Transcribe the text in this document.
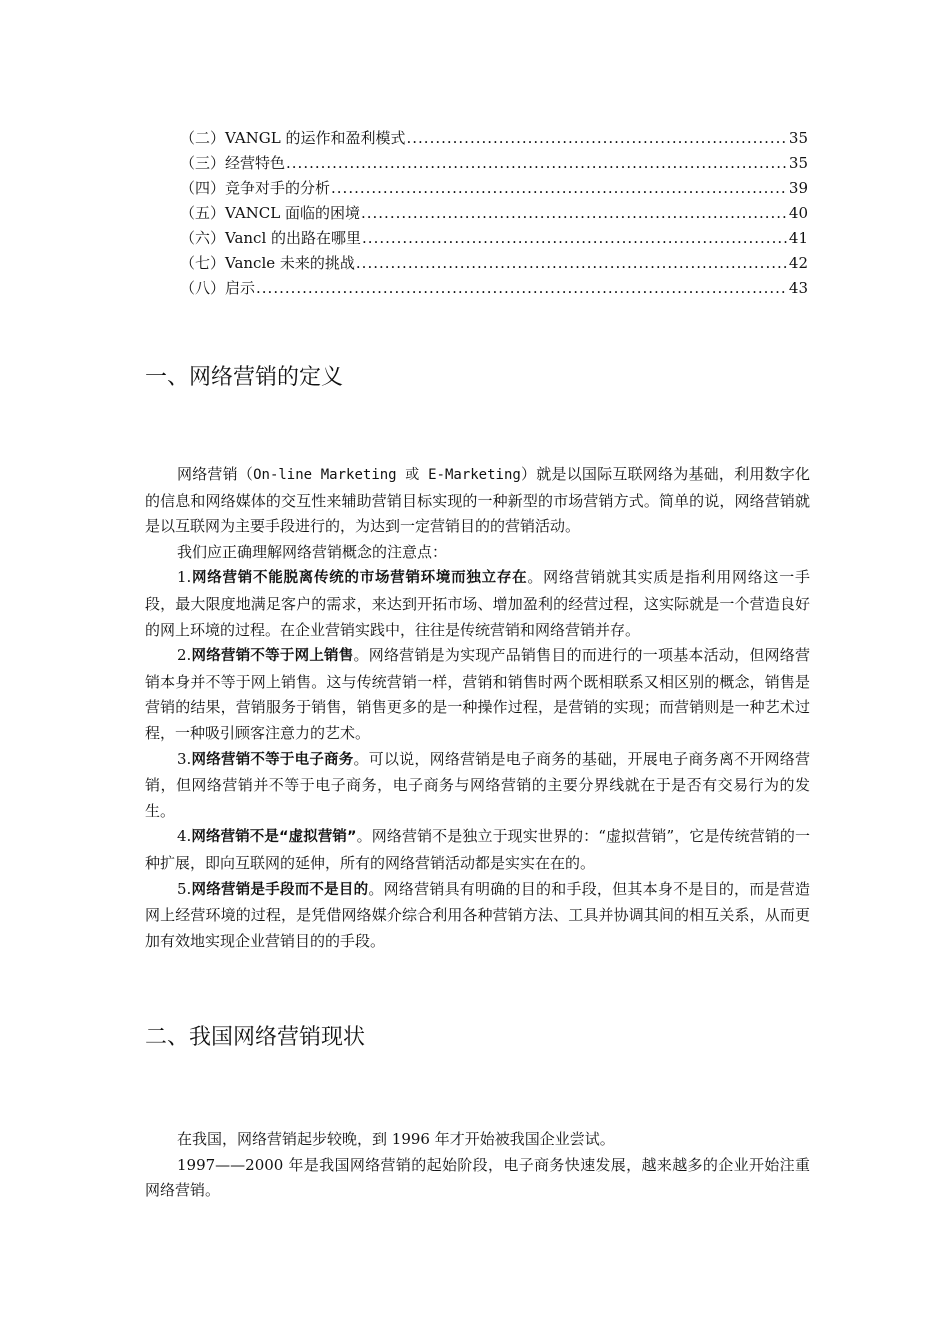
（二）VANGL 的运作和盈利模式 .....	35
（三）经营特色 .....	35
（四）竞争对手的分析 .....	39
（五）VANCL 面临的困境 .....	40
（六）Vancl 的出路在哪里 .....	41
（七）Vancle 未来的挑战 .....	42
（八）启示 .....	43
一、网络营销的定义

网络营销（On-line Marketing 或 E-Marketing）就是以国际互联网络为基础，利用数字化的信息和网络媒体的交互性来辅助营销目标实现的一种新型的市场营销方式。简单的说，网络营销就是以互联网为主要手段进行的，为达到一定营销目的的营销活动。

我们应正确理解网络营销概念的注意点：

1.网络营销不能脱离传统的市场营销环境而独立存在。网络营销就其实质是指利用网络这一手段，最大限度地满足客户的需求，来达到开拓市场、增加盈利的经营过程，这实际就是一个营造良好的网上环境的过程。在企业营销实践中，往往是传统营销和网络营销并存。

2.网络营销不等于网上销售。网络营销是为实现产品销售目的而进行的一项基本活动，但网络营销本身并不等于网上销售。这与传统营销一样，营销和销售时两个既相联系又相区别的概念，销售是营销的结果，营销服务于销售，销售更多的是一种操作过程，是营销的实现；而营销则是一种艺术过程，一种吸引顾客注意力的艺术。

3.网络营销不等于电子商务。可以说，网络营销是电子商务的基础，开展电子商务离不开网络营销，但网络营销并不等于电子商务，电子商务与网络营销的主要分界线就在于是否有交易行为的发生。

4.网络营销不是“虚拟营销”。网络营销不是独立于现实世界的：“虚拟营销”，它是传统营销的一种扩展，即向互联网的延伸，所有的网络营销活动都是实实在在的。

5.网络营销是手段而不是目的。网络营销具有明确的目的和手段，但其本身不是目的，而是营造网上经营环境的过程，是凭借网络媒介综合利用各种营销方法、工具并协调其间的相互关系，从而更加有效地实现企业营销目的的手段。

二、我国网络营销现状

在我国，网络营销起步较晚，到 1996 年才开始被我国企业尝试。

1997——2000 年是我国网络营销的起始阶段，电子商务快速发展，越来越多的企业开始注重网络营销。
